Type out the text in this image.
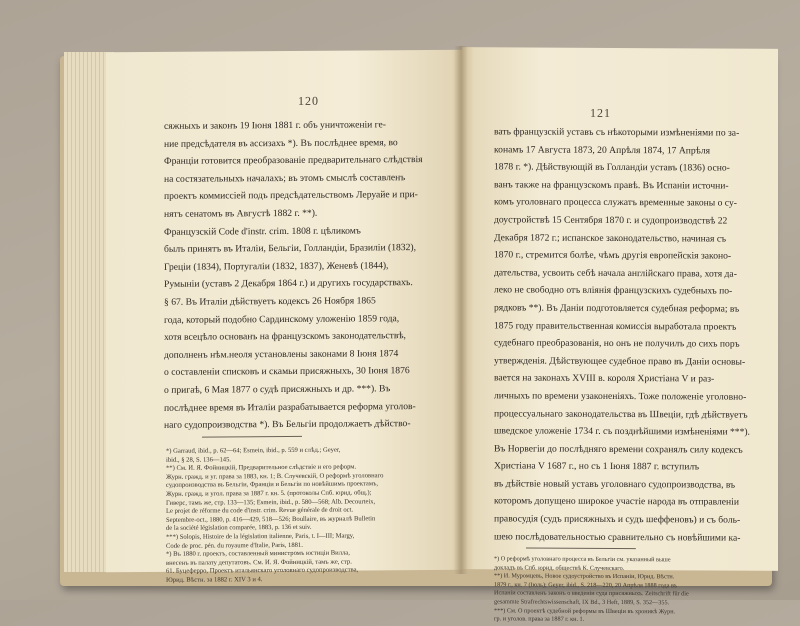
120
сяжныхъ и законъ 19 Іюня 1881 г. объ уничтоженіи ге-
ние предсѣдателя въ ассизахъ *). Въ послѣднее время, во
Франціи готовится преобразованіе предварительнаго слѣдствія
на состязательныхъ началахъ; въ этомъ смыслѣ составленъ
проектъ коммиссіей подъ предсѣдательствомъ Леруайе и при-
нятъ сенатомъ въ Августѣ 1882 г. **).
Французскій Code d'instr. crim. 1808 г. цѣликомъ
былъ принятъ въ Италіи, Бельгіи, Голландіи, Бразиліи (1832),
Греціи (1834), Португаліи (1832, 1837), Женевѣ (1844),
Румыніи (уставъ 2 Декабря 1864 г.) и другихъ государствахъ.
§ 67. Въ Италіи дѣйствуетъ кодексъ 26 Ноября 1865
года, который подобно Сардинскому уложенію 1859 года,
хотя всецѣло основанъ на французскомъ законодательствѣ,
дополненъ нѣм.неоля установлены законами 8 Іюня 1874
о составленіи списковъ и скамьи присяжныхъ, 30 Іюня 1876
о пригаѣ, 6 Мая 1877 о судѣ присяжныхъ и др. ***). Въ
послѣднее время въ Италіи разрабатывается реформа уголов-
наго судопроизводства *). Въ Бельгіи продолжаетъ дѣйство-
*) Garraud, ibid., p. 62—64; Esmein, ibid., p. 559 и слѣд.; Geyer,
ibid., § 28, S. 136—145.
**) См. И. Я. Фойницкій, Предварительное слѣдствіе и его реформ.
Журн. гражд. и уг. права за 1883, кн. 1; В. Случевскій, О реформѣ уголовнаго
судопроизводства въ Бельгіи, Франціи и Бельгіи по новѣйшимъ проектамъ,
Журн. гражд. и угол. права за 1887 г. кн. 5. (протоколы Спб. юрид. общ.);
Гиверс, тамъ же, стр. 133—135; Esmein, ibid., p. 580—568; Alb. Decourteix,
Le projet de réforme du code d'instr. crim. Revue générale de droit oct.
Septembre-oct., 1880, p. 416—429, 518—526; Boullaire, въ журналѣ Bulletin
de la société législation comparée, 1883, p. 136 et suiv.
***) Solopis, Histoire de la législation italienne, Paris, t. I—III; Margy,
Code de proc. pén. du royaume d'Italie, Paris, 1881.
*) Въ 1880 г. проектъ, составленный министромъ юстиціи Вилла,
внесенъ въ палату депутатовъ. См. И. Я. Фойницкій, тамъ же, стр.
61. Буцеферро, Проектъ итальянскаго уголовнаго судопроизводства,
Юрид. Вѣстн. за 1882 г. XIV 3 и 4.
121
вать французскій уставъ съ нѣкоторыми измѣненіями по за-
конамъ 17 Августа 1873, 20 Апрѣля 1874, 17 Апрѣля
1878 г. *). Дѣйствующій въ Голландіи уставъ (1836) осно-
ванъ также на французскомъ правѣ. Въ Испаніи источни-
комъ уголовнаго процесса служатъ временные законы о су-
доустройствѣ 15 Сентября 1870 г. и судопроизводствѣ 22
Декабря 1872 г.; испанское законодательство, начиная съ
1870 г., стремится болѣе, чѣмъ другія европейскія законо-
дательства, усвоить себѣ начала англійскаго права, хотя да-
леко не свободно отъ вліянія французскихъ судебныхъ по-
рядковъ **). Въ Даніи подготовляется судебная реформа; въ
1875 году правительственная комиссія выработала проектъ
судебнаго преобразованія, но онъ не получилъ до сихъ поръ
утвержденія. Дѣйствующее судебное право въ Даніи основы-
вается на законахъ XVIII в. короля Христіана V и раз-
личныхъ по времени узаконеніяхъ. Тоже положеніе уголовно-
процессуальнаго законодательства въ Швеціи, гдѣ дѣйствуетъ
шведское уложеніе 1734 г. съ позднѣйшими измѣненіями ***).
Въ Норвегіи до послѣдняго времени сохранялъ силу кодексъ
Христіана V 1687 г., но съ 1 Іюня 1887 г. вступилъ
въ дѣйствіе новый уставъ уголовнаго судопроизводства, въ
которомъ допущено широкое участіе народа въ отправленіи
правосудія (судъ присяжныхъ и судъ шеффеновъ) и съ боль-
шею послѣдовательностью сравнительно съ новѣйшими ка-
*) О реформѣ уголовнаго процесса въ Бельгіи см. указанный выше
докладъ въ Спб. юрид. обществѣ К. Случевскаго.
**) И. Муромцевъ, Новое судоустройство въ Испаніи, Юрид. Вѣстн.
1879 г., кн. 7 (Іюль); Geyer, ibid., S. 218—220, 20 Апрѣля 1888 года въ
Испаніи составленъ законъ о введеніи суда присяжныхъ. Zeitschrift für die
gesammte Strafrechtswissenschaft, IX Bd., 3 Heft, 1889, S. 352—355.
***) См. О проектѣ судебной реформы въ Швеціи въ хроникѣ Журн.
гр. и уголов. права за 1887 г. кн. 1.
